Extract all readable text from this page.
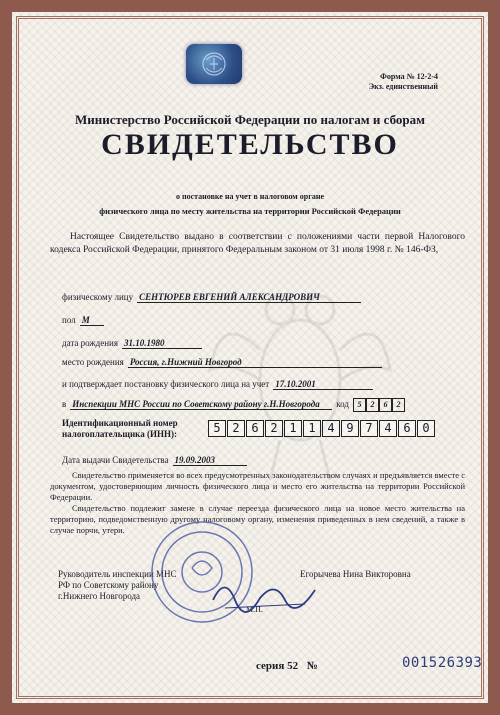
Форма № 12-2-4
Экз. единственный
Министерство Российской Федерации по налогам и сборам
СВИДЕТЕЛЬСТВО
о постановке на учет в налоговом органе
физического лица по месту жительства на территории Российской Федерации
Настоящее Свидетельство выдано в соответствии с положениями части первой Налогового кодекса Российской Федерации, принятого Федеральным законом от 31 июля 1998 г. № 146-ФЗ,
физическому лицу СЕНТЮРЕВ ЕВГЕНИЙ АЛЕКСАНДРОВИЧ
пол М
дата рождения 31.10.1980
место рождения Россия, г.Нижний Новгород
и подтверждает постановку физического лица на учет 17.10.2001
в Инспекции МНС России по Советскому району г.Н.Новгорода код 5 2 6 2
Идентификационный номер
налогоплательщика (ИНН):	5 2 6 2 1 1 4 9 7 4 6 0
Дата выдачи Свидетельства 19.09.2003
Свидетельство применяется во всех предусмотренных законодательством случаях и предъявляется вместе с документом, удостоверяющим личность физического лица и место его жительства на территории Российской Федерации.
Свидетельство подлежит замене в случае переезда физического лица на новое место жительства на территорию, подведомственную другому налоговому органу, изменения приведенных в нем сведений, а также в случае порчи, утери.
Руководитель инспекции МНС
РФ по Советскому району
г.Нижнего Новгорода
Егорычева Нина Викторовна
М.П.
серия 52 №	001526393
